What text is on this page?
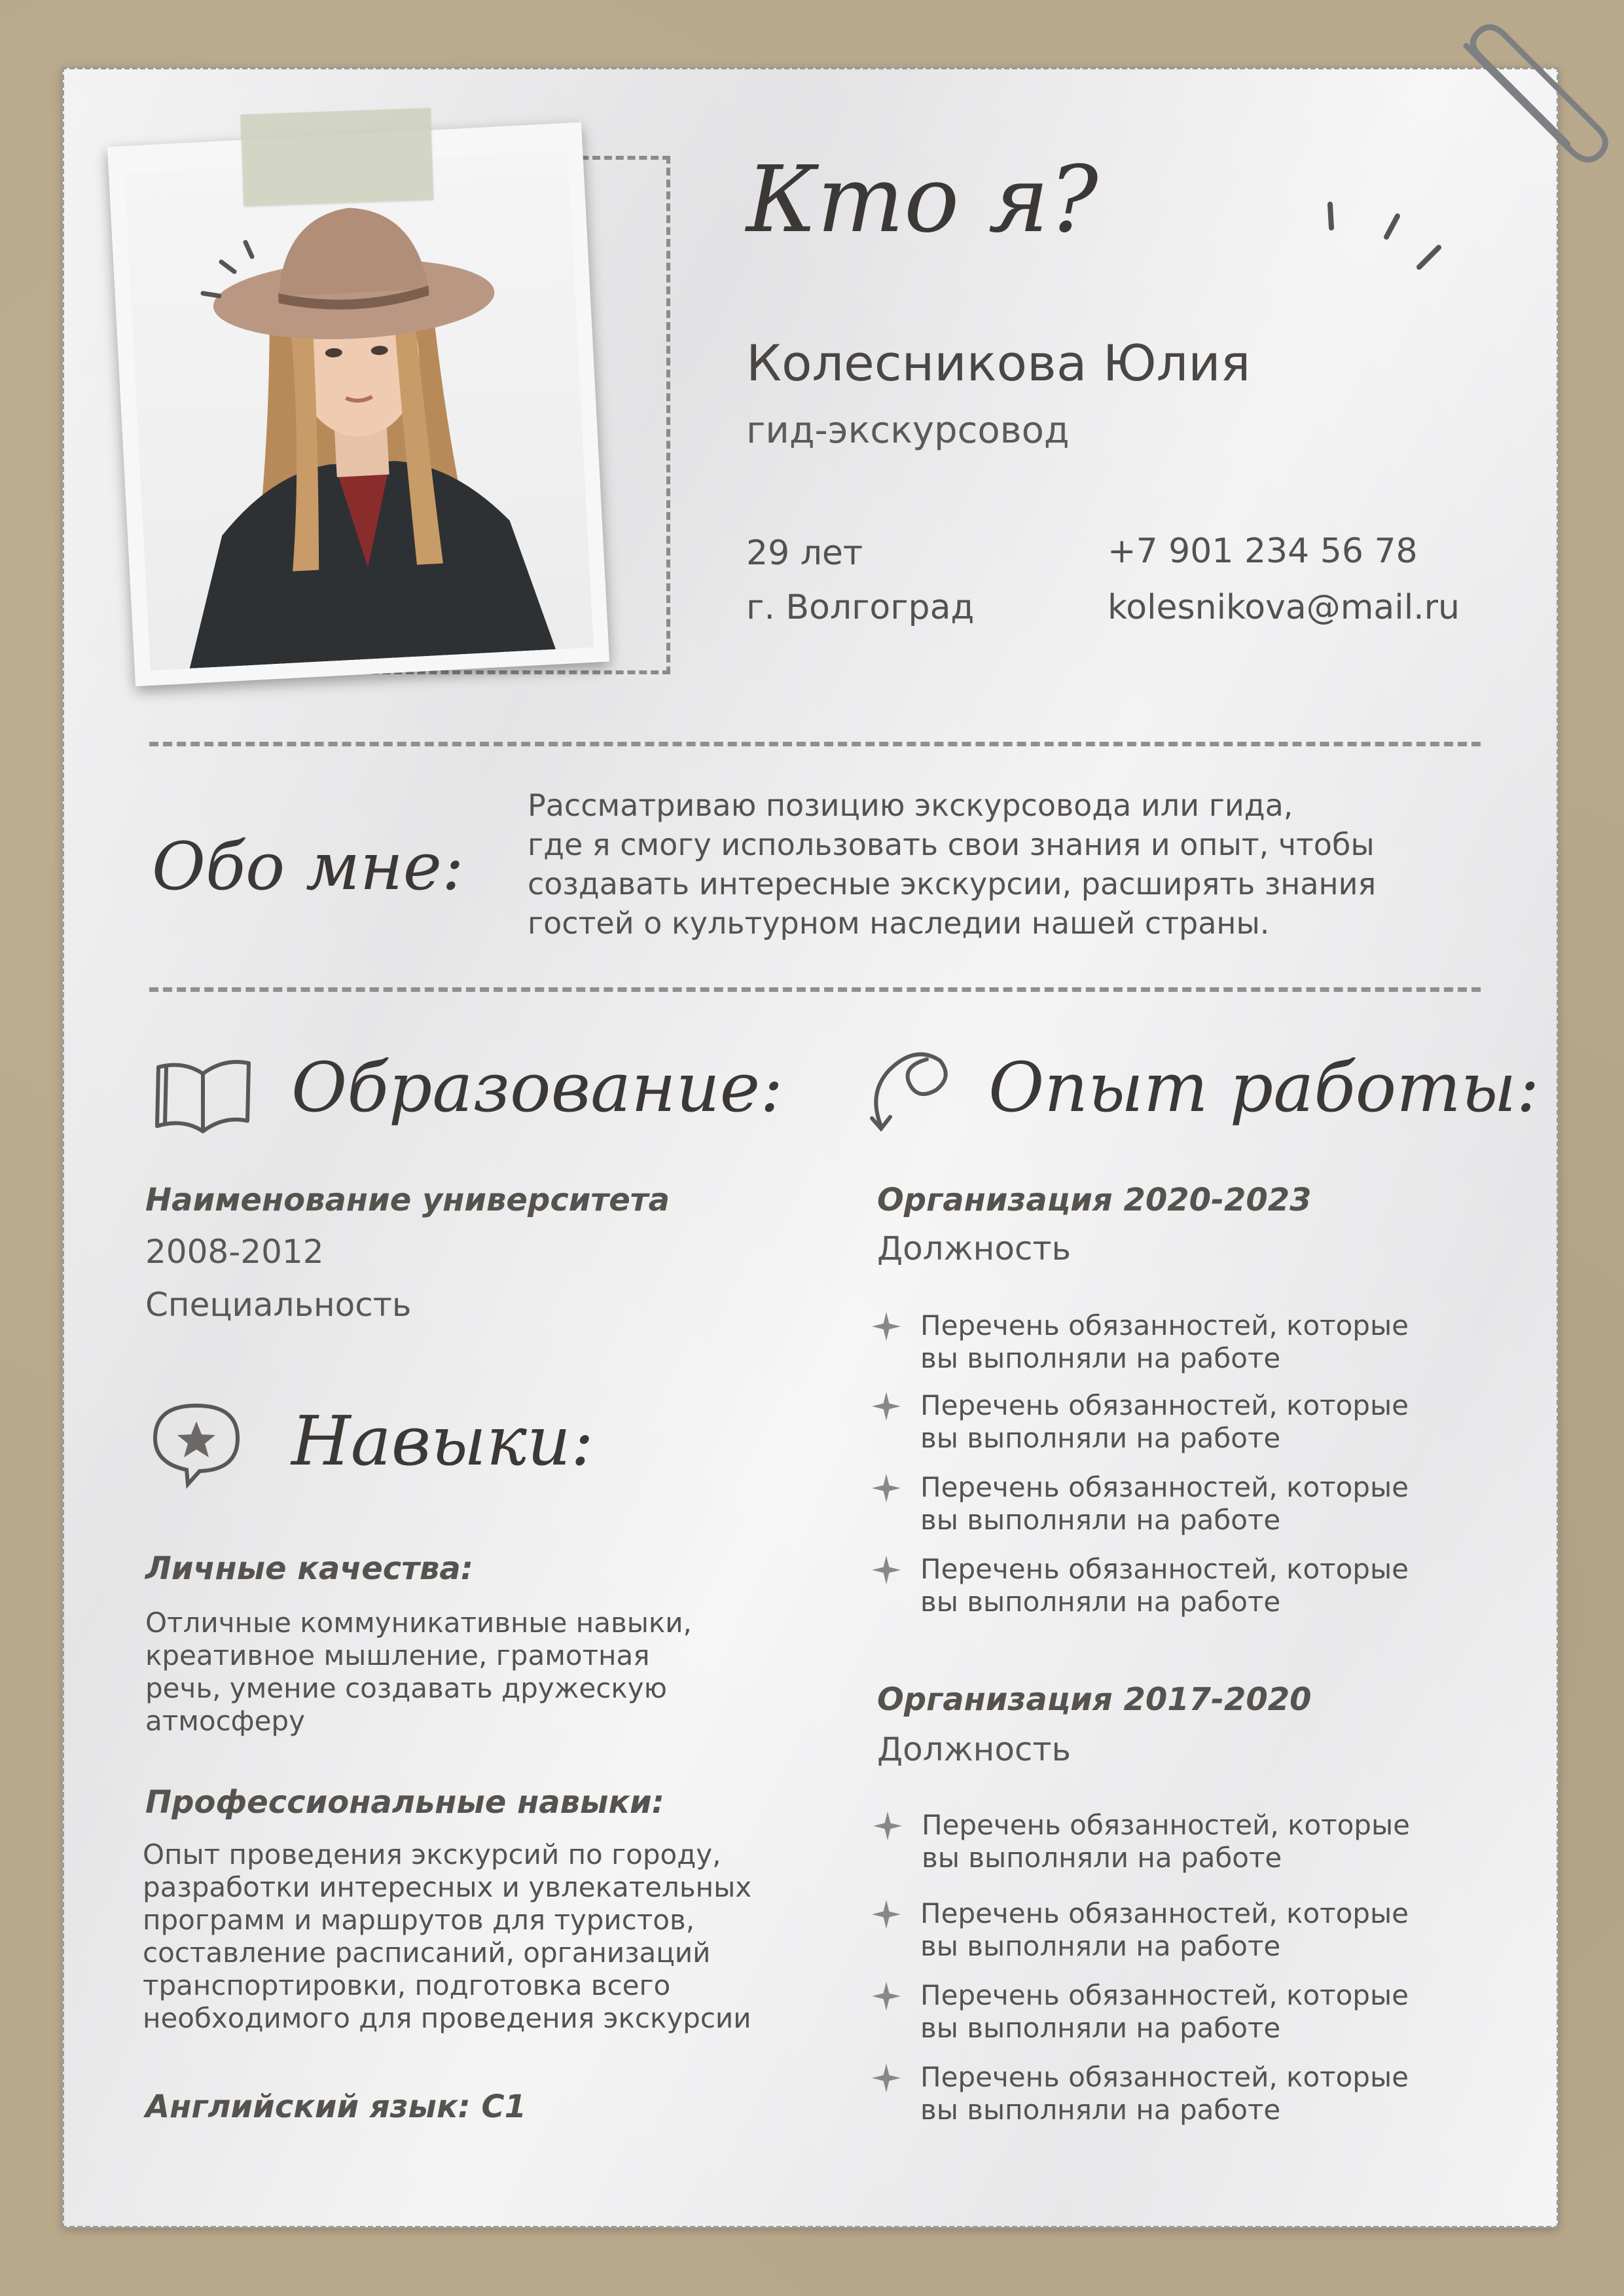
Кто я?
Колесникова Юлия
гид-экскурсовод
29 лет
г. Волгоград
+7 901 234 56 78
kolesnikova@mail.ru
Обо мне:
Рассматриваю позицию экскурсовода или гида,
где я смогу использовать свои знания и опыт, чтобы
создавать интересные экскурсии, расширять знания
гостей о культурном наследии нашей страны.
Образование:
Наименование университета
2008-2012
Специальность
Навыки:
Личные качества:
Отличные коммуникативные навыки,
креативное мышление, грамотная
речь, умение создавать дружескую
атмосферу
Профессиональные навыки:
Опыт проведения экскурсий по городу,
разработки интересных и увлекательных
программ и маршрутов для туристов,
составление расписаний, организаций
транспортировки, подготовка всего
необходимого для проведения экскурсии
Английский язык: С1
Опыт работы:
Организация 2020-2023
Должность
Перечень обязанностей, которые
вы выполняли на работе
Перечень обязанностей, которые
вы выполняли на работе
Перечень обязанностей, которые
вы выполняли на работе
Перечень обязанностей, которые
вы выполняли на работе
Организация 2017-2020
Должность
Перечень обязанностей, которые
вы выполняли на работе
Перечень обязанностей, которые
вы выполняли на работе
Перечень обязанностей, которые
вы выполняли на работе
Перечень обязанностей, которые
вы выполняли на работе
